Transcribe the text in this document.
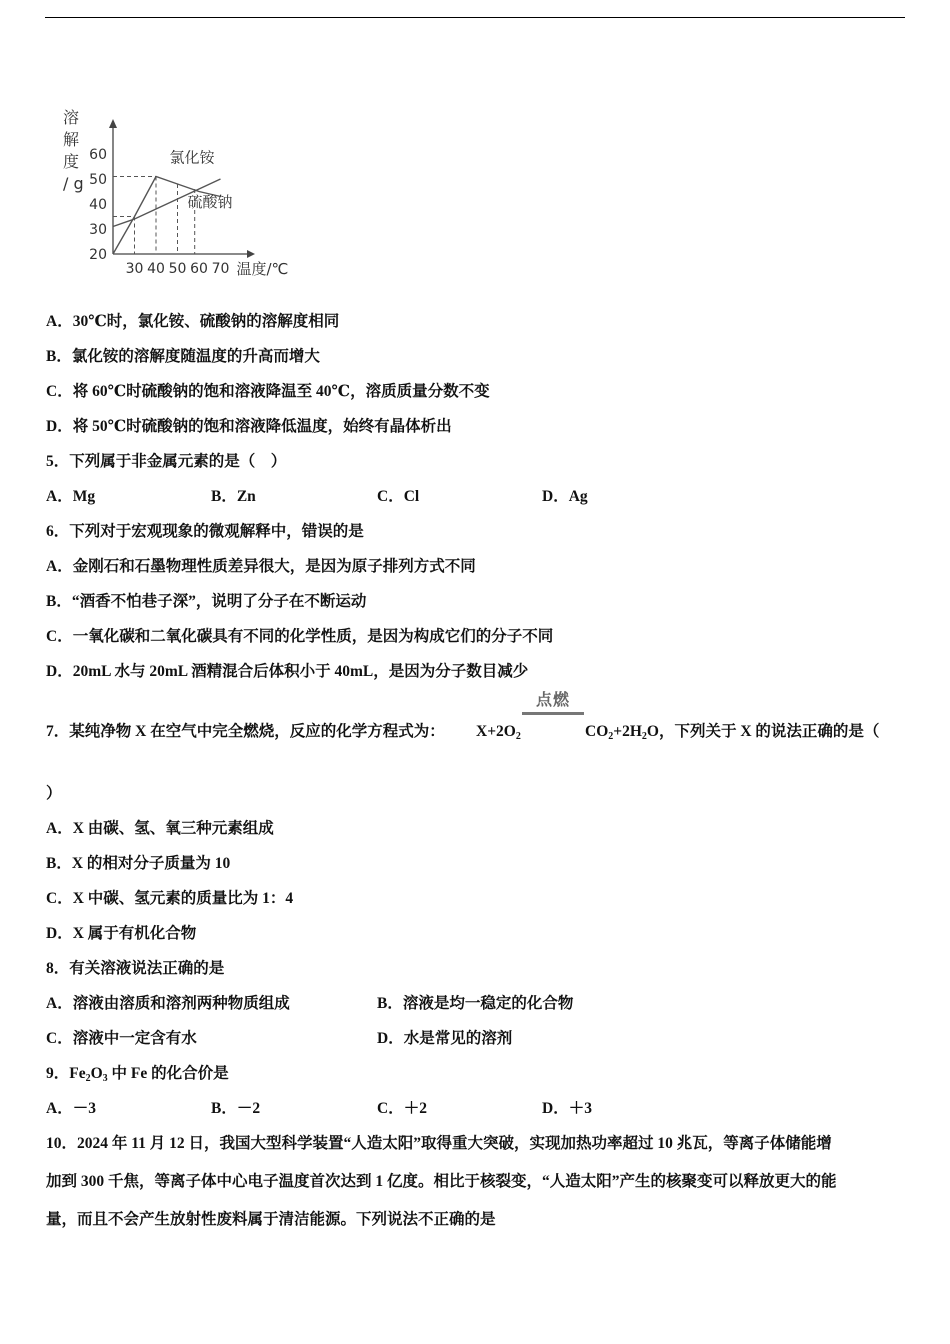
溶
解
度
/ g
20
30
40
50
60
30 40 50 60 70
氯化铵
硫酸钠
温度/℃
A．30℃时，氯化铵、硫酸钠的溶解度相同
B．氯化铵的溶解度随温度的升高而增大
C．将 60℃时硫酸钠的饱和溶液降温至 40℃，溶质质量分数不变
D．将 50℃时硫酸钠的饱和溶液降低温度，始终有晶体析出
5．下列属于非金属元素的是（　）
A．Mg	B．Zn	C．Cl	D．Ag
6．下列对于宏观现象的微观解释中，错误的是
A．金刚石和石墨物理性质差异很大，是因为原子排列方式不同
B．“酒香不怕巷子深”，说明了分子在不断运动
C．一氧化碳和二氧化碳具有不同的化学性质，是因为构成它们的分子不同
D．20mL 水与 20mL 酒精混合后体积小于 40mL，是因为分子数目减少
7．某纯净物 X 在空气中完全燃烧，反应的化学方程式为： $X+2O_2$
点燃
$CO_2+2H_2O$，下列关于 X 的说法正确的是（
）
A．X 由碳、氢、氧三种元素组成
B．X 的相对分子质量为 10
C．X 中碳、氢元素的质量比为 1：4
D．X 属于有机化合物
8．有关溶液说法正确的是
A．溶液由溶质和溶剂两种物质组成	B．溶液是均一稳定的化合物
C．溶液中一定含有水	D．水是常见的溶剂
9．$Fe_2O_3$ 中 Fe 的化合价是
A．－3	B．－2	C．＋2	D．＋3
10．2024 年 11 月 12 日，我国大型科学装置“人造太阳”取得重大突破，实现加热功率超过 10 兆瓦，等离子体储能增
加到 300 千焦，等离子体中心电子温度首次达到 1 亿度。相比于核裂变，“人造太阳”产生的核聚变可以释放更大的能
量，而且不会产生放射性废料属于清洁能源。下列说法不正确的是
